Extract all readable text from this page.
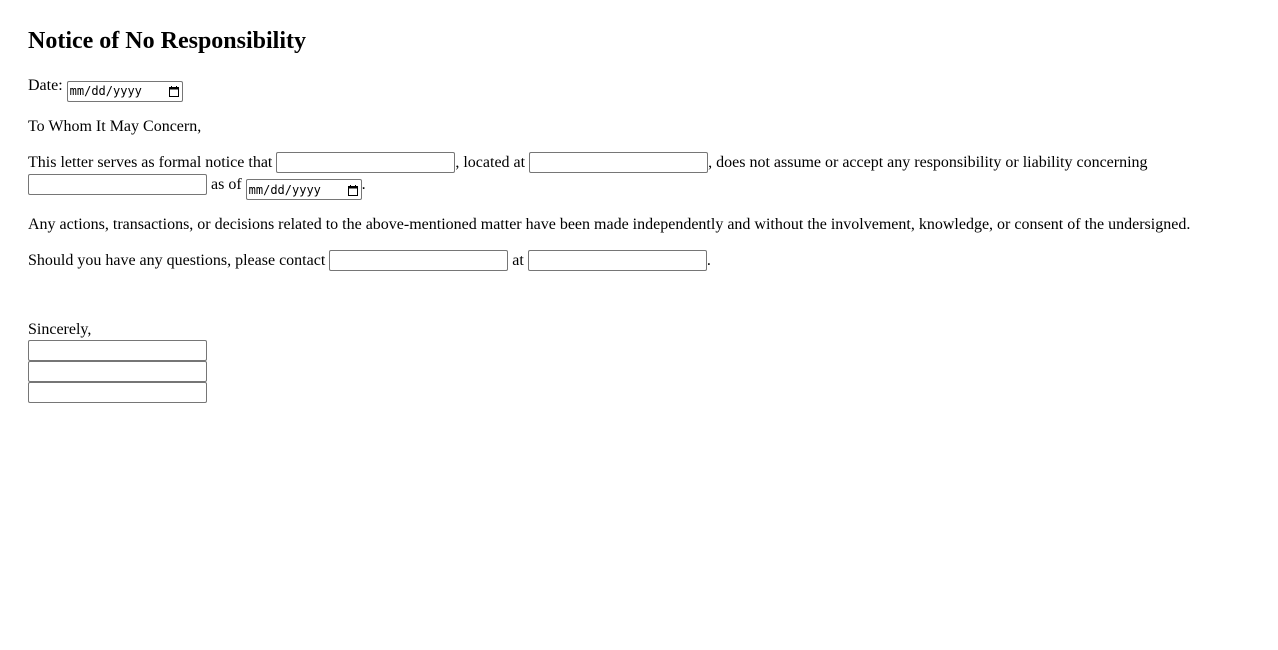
Notice of No Responsibility

Date: mm/dd/yyyy

To Whom It May Concern,

This letter serves as formal notice that	, located at	, does not assume or accept any responsibility or liability concerning  as of mm/dd/yyyy	.

Any actions, transactions, or decisions related to the above-mentioned matter have been made independently and without the involvement, knowledge, or consent of the undersigned.

Should you have any questions, please contact	at	.

Sincerely,
